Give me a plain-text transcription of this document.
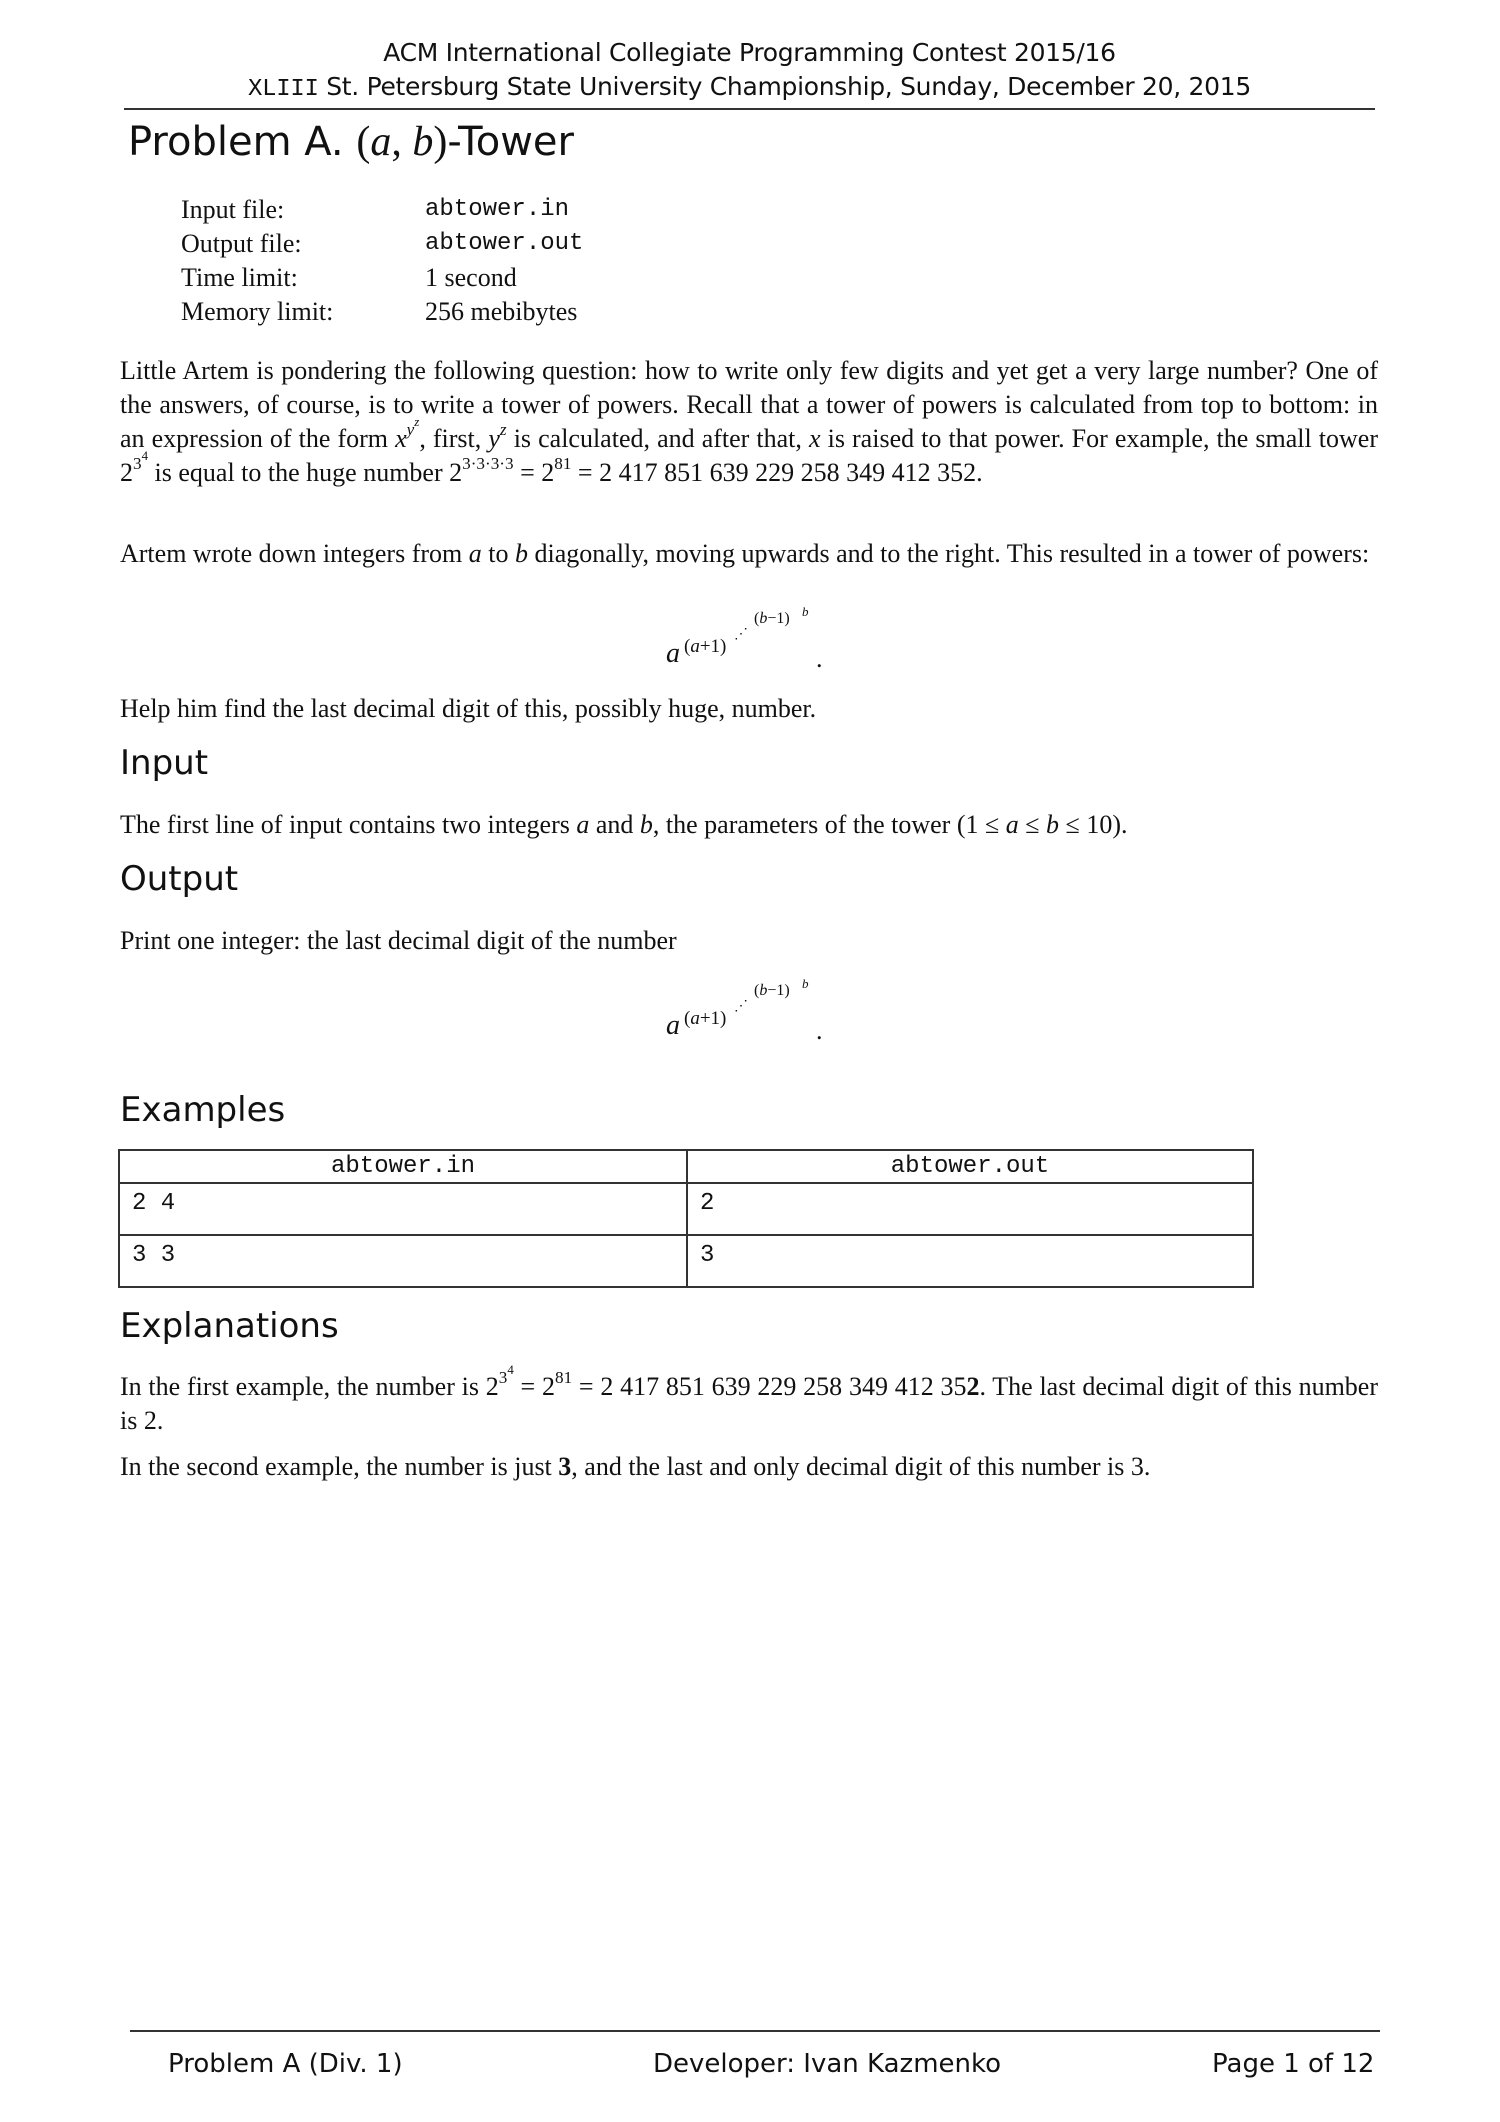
ACM International Collegiate Programming Contest 2015/16
XLIII St. Petersburg State University Championship, Sunday, December 20, 2015
Problem A. (a, b)-Tower
Input file:	abtower.in
Output file:	abtower.out
Time limit:	1 second
Memory limit:	256 mebibytes
Little Artem is pondering the following question: how to write only few digits and yet get a very large number? One of the answers, of course, is to write a tower of powers. Recall that a tower of powers is calculated from top to bottom: in an expression of the form $x^{y^z}$, first, $y^z$ is calculated, and after that, x is raised to that power. For example, the small tower $2^{3^4}$ is equal to the huge number $2^{3\cdot 3\cdot 3\cdot 3} = 2^{81} = 2$ 417 851 639 229 258 349 412 352.
Artem wrote down integers from a to b diagonally, moving upwards and to the right. This resulted in a tower of powers:
a (a+1)
⋰
(b−1) b
.
Help him find the last decimal digit of this, possibly huge, number.
Input
The first line of input contains two integers a and b, the parameters of the tower (1 ≤ a ≤ b ≤ 10).
Output
Print one integer: the last decimal digit of the number
a (a+1)
⋰
(b−1) b
.
Examples
abtower.in	abtower.out
2 4	2
3 3	3
Explanations
In the first example, the number is $2^{3^4} = 2^{81} = 2$ 417 851 639 229 258 349 412 352. The last decimal digit of this number is 2.
In the second example, the number is just 3, and the last and only decimal digit of this number is 3.
Problem A (Div. 1)	Developer: Ivan Kazmenko	Page 1 of 12
